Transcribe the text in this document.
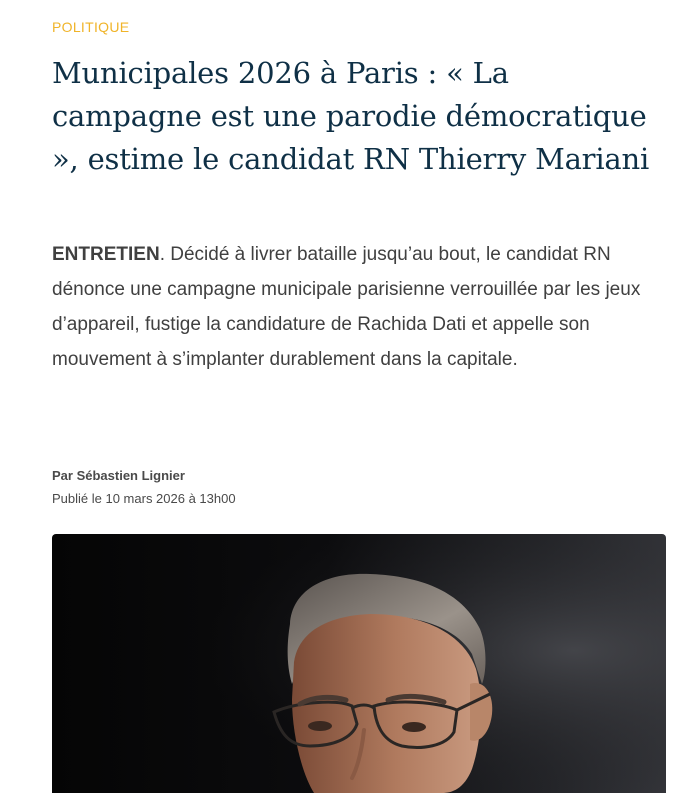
POLITIQUE

Municipales 2026 à Paris : « La campagne est une parodie démocratique », estime le candidat RN Thierry Mariani

ENTRETIEN. Décidé à livrer bataille jusqu’au bout, le candidat RN dénonce une campagne municipale parisienne verrouillée par les jeux d’appareil, fustige la candidature de Rachida Dati et appelle son mouvement à s’implanter durablement dans la capitale.

Par Sébastien Lignier
Publié le 10 mars 2026 à 13h00
